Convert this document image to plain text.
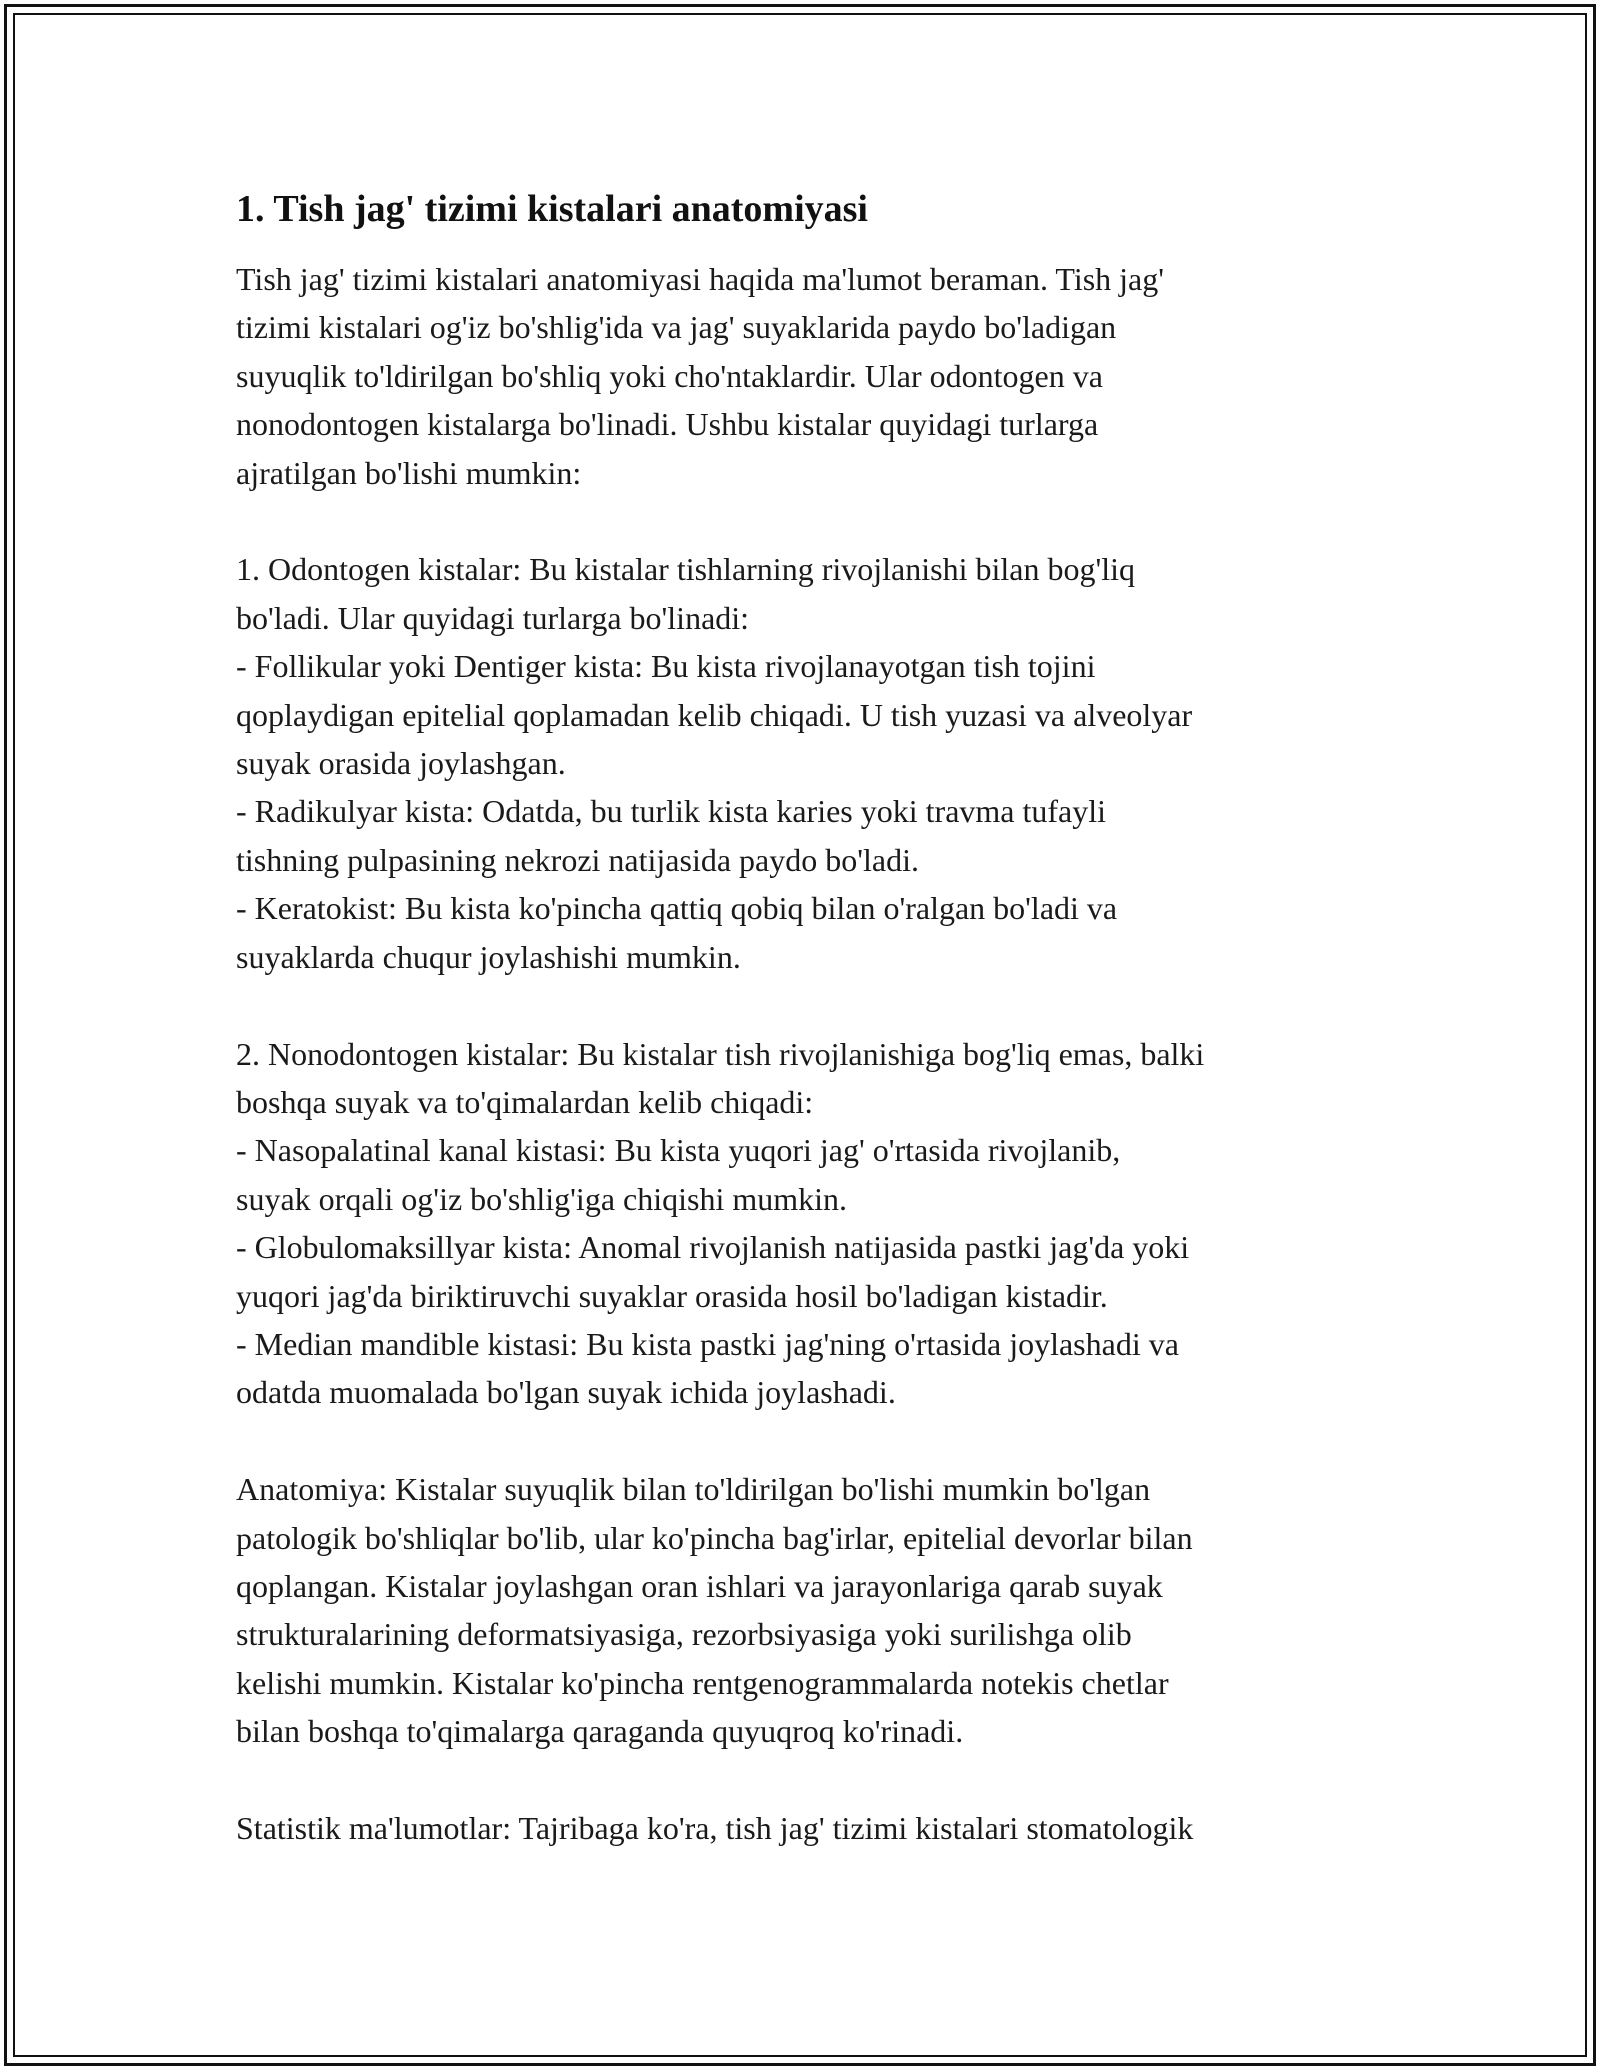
1. Tish jag' tizimi kistalari anatomiyasi

Tish jag' tizimi kistalari anatomiyasi haqida ma'lumot beraman. Tish jag'
tizimi kistalari og'iz bo'shlig'ida va jag' suyaklarida paydo bo'ladigan
suyuqlik to'ldirilgan bo'shliq yoki cho'ntaklardir. Ular odontogen va
nonodontogen kistalarga bo'linadi. Ushbu kistalar quyidagi turlarga
ajratilgan bo'lishi mumkin:

1. Odontogen kistalar: Bu kistalar tishlarning rivojlanishi bilan bog'liq
bo'ladi. Ular quyidagi turlarga bo'linadi:
- Follikular yoki Dentiger kista: Bu kista rivojlanayotgan tish tojini
qoplaydigan epitelial qoplamadan kelib chiqadi. U tish yuzasi va alveolyar
suyak orasida joylashgan.
- Radikulyar kista: Odatda, bu turlik kista karies yoki travma tufayli
tishning pulpasining nekrozi natijasida paydo bo'ladi.
- Keratokist: Bu kista ko'pincha qattiq qobiq bilan o'ralgan bo'ladi va
suyaklarda chuqur joylashishi mumkin.

2. Nonodontogen kistalar: Bu kistalar tish rivojlanishiga bog'liq emas, balki
boshqa suyak va to'qimalardan kelib chiqadi:
- Nasopalatinal kanal kistasi: Bu kista yuqori jag' o'rtasida rivojlanib,
suyak orqali og'iz bo'shlig'iga chiqishi mumkin.
- Globulomaksillyar kista: Anomal rivojlanish natijasida pastki jag'da yoki
yuqori jag'da biriktiruvchi suyaklar orasida hosil bo'ladigan kistadir.
- Median mandible kistasi: Bu kista pastki jag'ning o'rtasida joylashadi va
odatda muomalada bo'lgan suyak ichida joylashadi.

Anatomiya: Kistalar suyuqlik bilan to'ldirilgan bo'lishi mumkin bo'lgan
patologik bo'shliqlar bo'lib, ular ko'pincha bag'irlar, epitelial devorlar bilan
qoplangan. Kistalar joylashgan oran ishlari va jarayonlariga qarab suyak
strukturalarining deformatsiyasiga, rezorbsiyasiga yoki surilishga olib
kelishi mumkin. Kistalar ko'pincha rentgenogrammalarda notekis chetlar
bilan boshqa to'qimalarga qaraganda quyuqroq ko'rinadi.

Statistik ma'lumotlar: Tajribaga ko'ra, tish jag' tizimi kistalari stomatologik
